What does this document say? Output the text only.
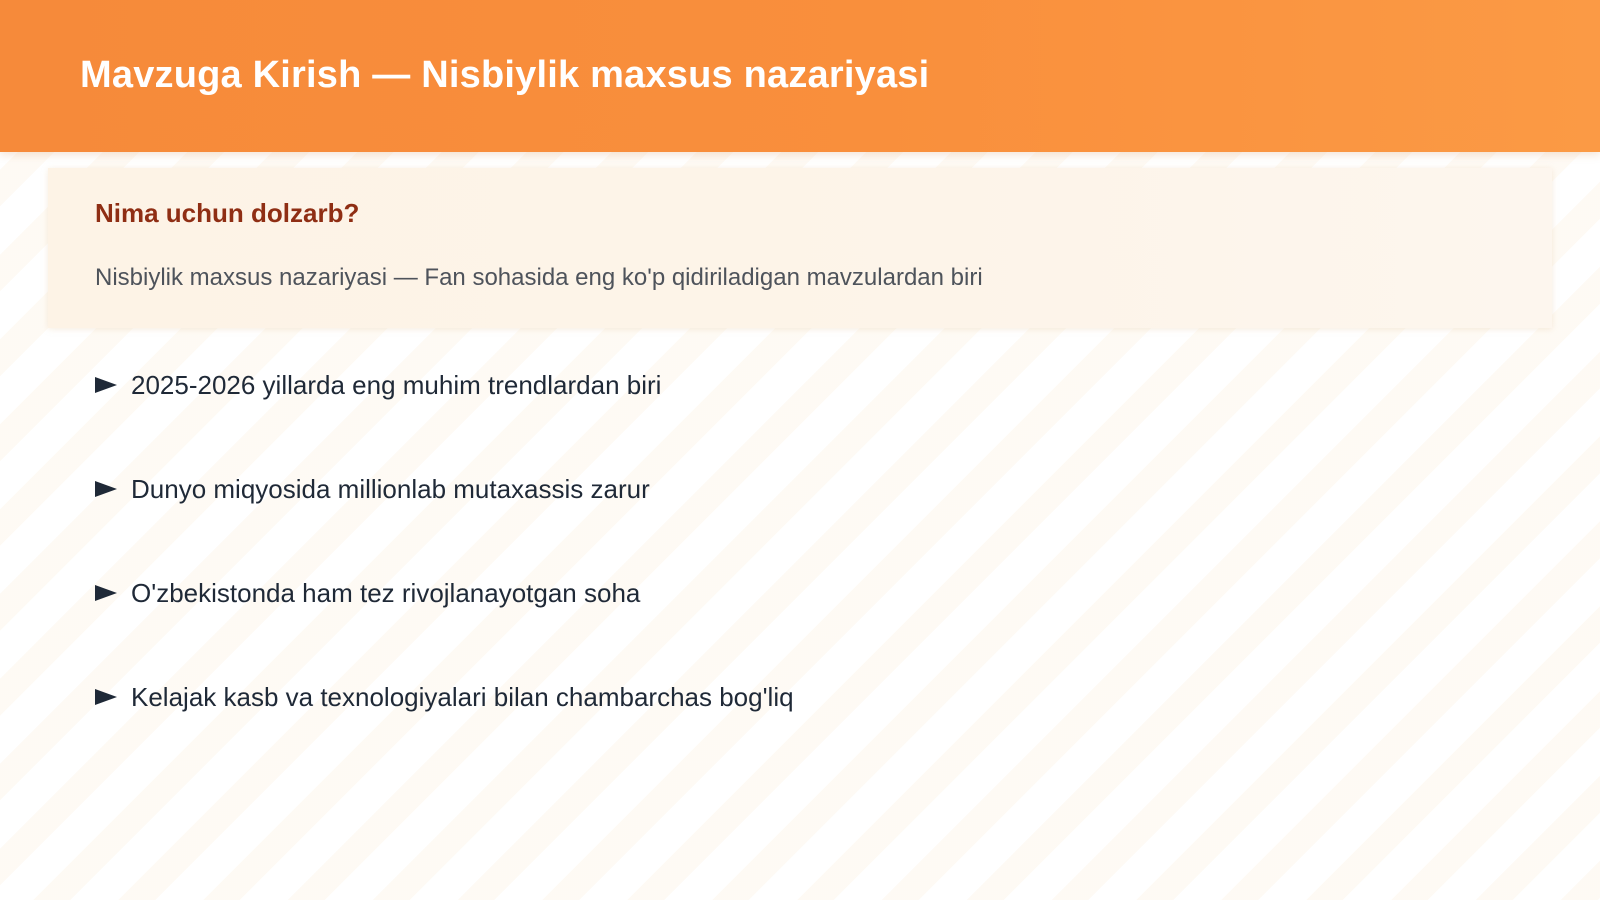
Mavzuga Kirish — Nisbiylik maxsus nazariyasi
Nima uchun dolzarb?

Nisbiylik maxsus nazariyasi — Fan sohasida eng ko'p qidiriladigan mavzulardan biri

2025-2026 yillarda eng muhim trendlardan biri
Dunyo miqyosida millionlab mutaxassis zarur
O'zbekistonda ham tez rivojlanayotgan soha
Kelajak kasb va texnologiyalari bilan chambarchas bog'liq
